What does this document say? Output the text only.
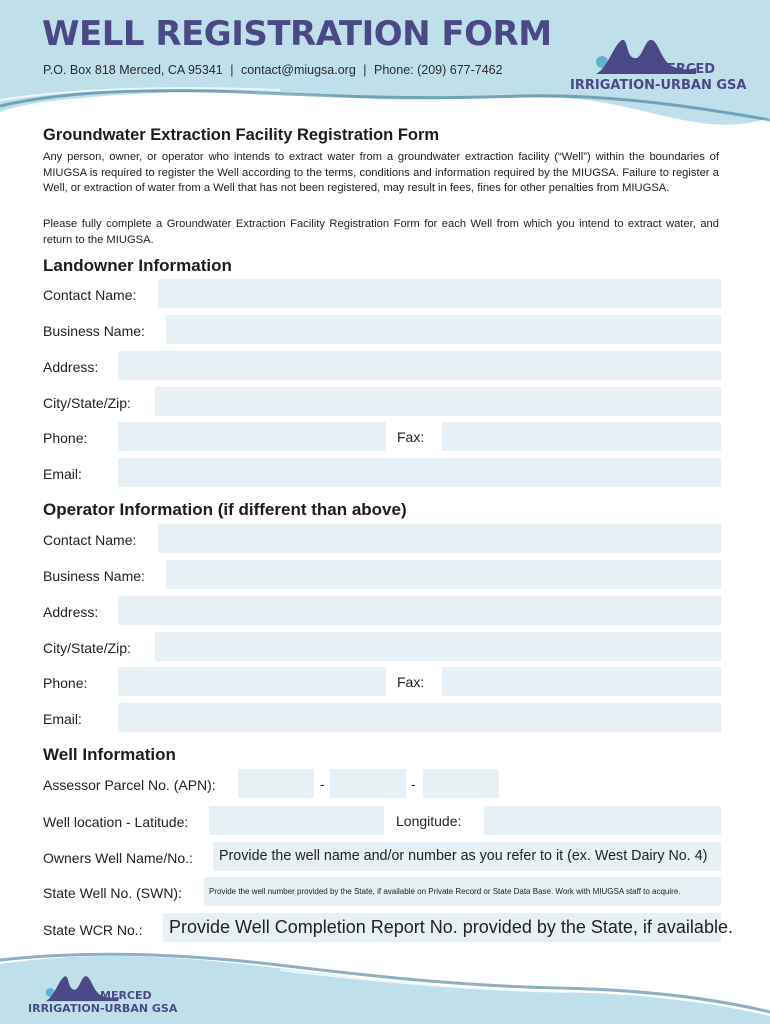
WELL REGISTRATION FORM
P.O. Box 818 Merced, CA 95341 | contact@miugsa.org | Phone: (209) 677-7462	MERCED
IRRIGATION-URBAN GSA
Groundwater Extraction Facility Registration Form
Any person, owner, or operator who intends to extract water from a groundwater extraction facility (“Well”) within the boundaries of MIUGSA is required to register the Well according to the terms, conditions and information required by the MIUGSA. Failure to register a Well, or extraction of water from a Well that has not been registered, may result in fees, fines for other penalties from MIUGSA.
Please fully complete a Groundwater Extraction Facility Registration Form for each Well from which you intend to extract water, and return to the MIUGSA.
Landowner Information
Contact Name:
Business Name:
Address:
City/State/Zip:
Phone:	Fax:
Email:
Operator Information (if different than above)
Contact Name:
Business Name:
Address:
City/State/Zip:
Phone:	Fax:
Email:
Well Information
Assessor Parcel No. (APN):	-	-
Well location - Latitude:	Longitude:
Owners Well Name/No.: Provide the well name and/or number as you refer to it (ex. West Dairy No. 4)
State Well No. (SWN):	Provide the well number provided by the State, if available on Private Record or State Data Base. Work with MIUGSA staff to acquire.
State WCR No.: Provide Well Completion Report No. provided by the State, if available.
MERCED
IRRIGATION-URBAN GSA
